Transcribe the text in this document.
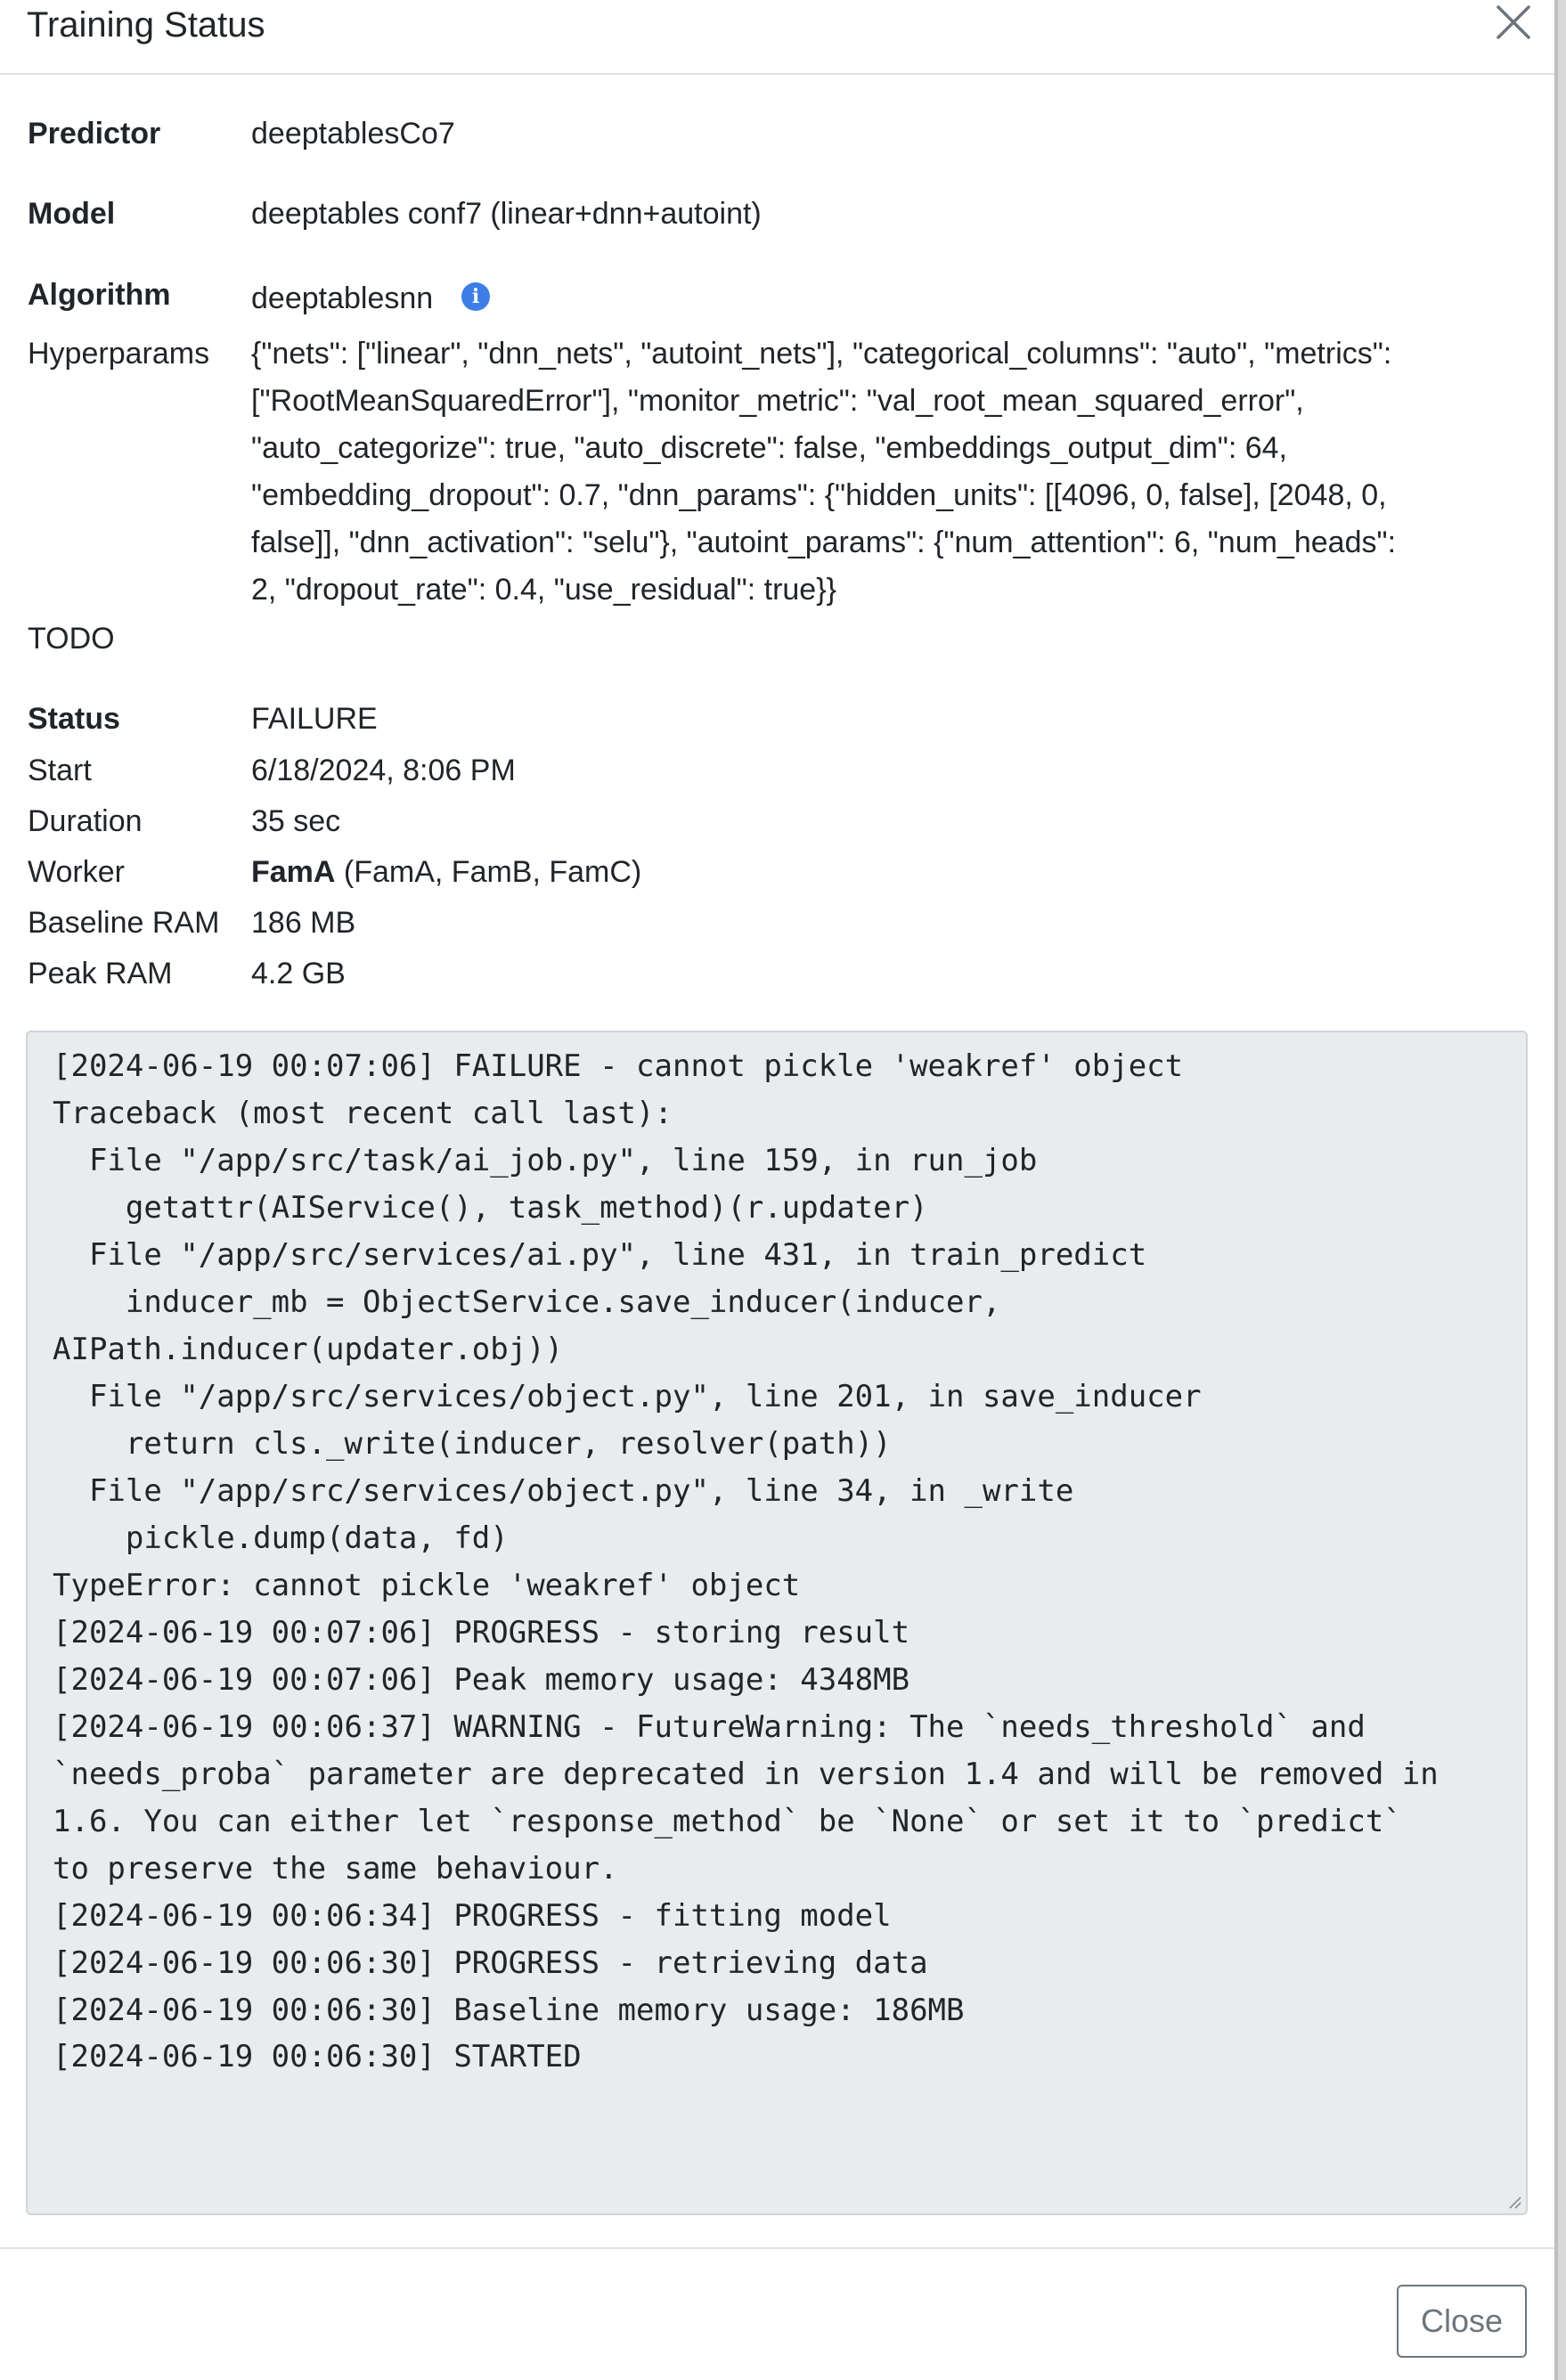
Training Status
Predictor	deeptablesCo7
Model	deeptables conf7 (linear+dnn+autoint)
Algorithm	deeptablesnn	i
Hyperparams {"nets": ["linear", "dnn_nets", "autoint_nets"], "categorical_columns": "auto", "metrics":
["RootMeanSquaredError"], "monitor_metric": "val_root_mean_squared_error",
"auto_categorize": true, "auto_discrete": false, "embeddings_output_dim": 64,
"embedding_dropout": 0.7, "dnn_params": {"hidden_units": [[4096, 0, false], [2048, 0,
false]], "dnn_activation": "selu"}, "autoint_params": {"num_attention": 6, "num_heads":
2, "dropout_rate": 0.4, "use_residual": true}}
TODO
Status	FAILURE
Start	6/18/2024, 8:06 PM
Duration	35 sec
Worker	FamA (FamA, FamB, FamC)
Baseline RAM 186 MB
Peak RAM	4.2 GB
[2024-06-19 00:07:06] FAILURE - cannot pickle 'weakref' object
Traceback (most recent call last):
File "/app/src/task/ai_job.py", line 159, in run_job
getattr(AIService(), task_method)(r.updater)
File "/app/src/services/ai.py", line 431, in train_predict
inducer_mb = ObjectService.save_inducer(inducer,
AIPath.inducer(updater.obj))
File "/app/src/services/object.py", line 201, in save_inducer
return cls._write(inducer, resolver(path))
File "/app/src/services/object.py", line 34, in _write
pickle.dump(data, fd)
TypeError: cannot pickle 'weakref' object
[2024-06-19 00:07:06] PROGRESS - storing result
[2024-06-19 00:07:06] Peak memory usage: 4348MB
[2024-06-19 00:06:37] WARNING - FutureWarning: The `needs_threshold` and
`needs_proba` parameter are deprecated in version 1.4 and will be removed in
1.6. You can either let `response_method` be `None` or set it to `predict`
to preserve the same behaviour.
[2024-06-19 00:06:34] PROGRESS - fitting model
[2024-06-19 00:06:30] PROGRESS - retrieving data
[2024-06-19 00:06:30] Baseline memory usage: 186MB
[2024-06-19 00:06:30] STARTED
Close
